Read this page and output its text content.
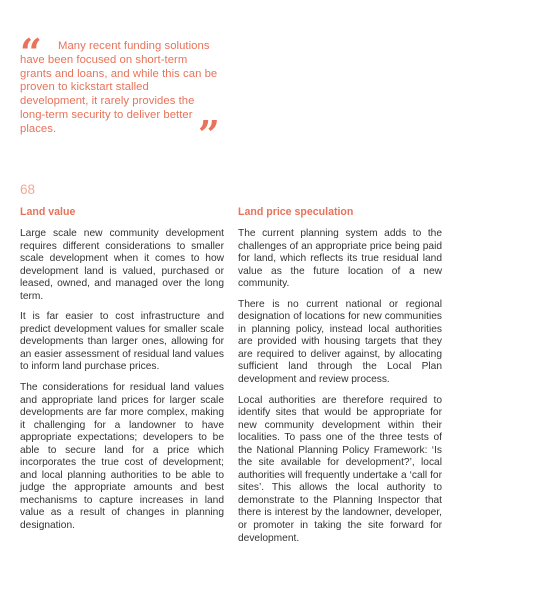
“	Many recent funding solutions have been focused on short-term grants and loans, and while this can be proven to kickstart stalled development, it rarely provides the long-term security to deliver better places.	”

68

Land value

Large scale new community development requires different considerations to smaller scale development when it comes to how development land is valued, purchased or leased, owned, and managed over the long term.

It is far easier to cost infrastructure and predict development values for smaller scale developments than larger ones, allowing for an easier assessment of residual land values to inform land purchase prices.

The considerations for residual land values and appropriate land prices for larger scale developments are far more complex, making it challenging for a landowner to have appropriate expectations; developers to be able to secure land for a price which incorporates the true cost of development; and local planning authorities to be able to judge the appropriate amounts and best mechanisms to capture increases in land value as a result of changes in planning designation.

Land price speculation

The current planning system adds to the challenges of an appropriate price being paid for land, which reflects its true residual land value as the future location of a new community.

There is no current national or regional designation of locations for new communities in planning policy, instead local authorities are provided with housing targets that they are required to deliver against, by allocating sufficient land through the Local Plan development and review process.

Local authorities are therefore required to identify sites that would be appropriate for new community development within their localities. To pass one of the three tests of the National Planning Policy Framework: ‘Is the site available for development?’, local authorities will frequently undertake a ‘call for sites’. This allows the local authority to demonstrate to the Planning Inspector that there is interest by the landowner, developer, or promoter in taking the site forward for development.
